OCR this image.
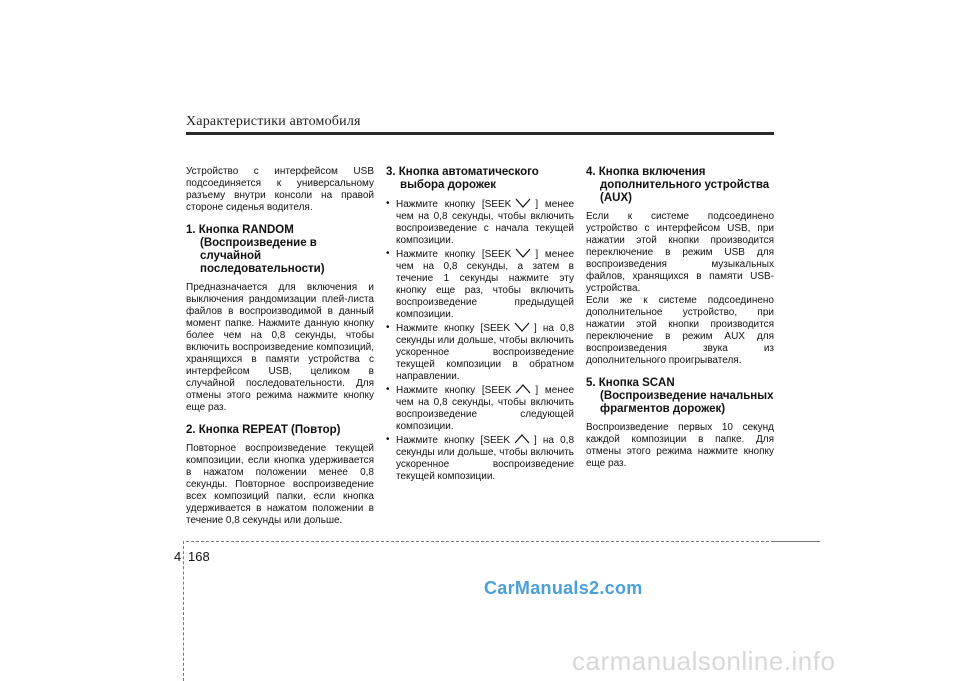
Характеристики автомобиля

Устройство с интерфейсом USB подсоединяется к универсальному разъему внутри консоли на правой стороне сиденья водителя.

1. Кнопка RANDOM (Воспроизведение в случайной последовательности)

Предназначается для включения и выключения рандомизации плей-листа файлов в воспроизводимой в данный момент папке. Нажмите данную кнопку более чем на 0,8 секунды, чтобы включить воспроизведение композиций, хранящихся в памяти устройства с интерфейсом USB, целиком в случайной последовательности. Для отмены этого режима нажмите кнопку еще раз.

2. Кнопка REPEAT (Повтор)

Повторное воспроизведение текущей композиции, если кнопка удерживается в нажатом положении менее 0,8 секунды. Повторное воспроизведение всех композиций папки, если кнопка удерживается в нажатом положении в течение 0,8 секунды или дольше.

3. Кнопка автоматического выбора дорожек
• Нажмите кнопку [SEEK ] менее чем на 0,8 секунды, чтобы включить воспроизведение с начала текущей композиции.
• Нажмите кнопку [SEEK ] менее чем на 0,8 секунды, а затем в течение 1 секунды нажмите эту кнопку еще раз, чтобы включить воспроизведение предыдущей композиции.
• Нажмите кнопку [SEEK ] на 0,8 секунды или дольше, чтобы включить ускоренное воспроизведение текущей композиции в обратном направлении.
• Нажмите кнопку [SEEK ] менее чем на 0,8 секунды, чтобы включить воспроизведение следующей композиции.
• Нажмите кнопку [SEEK ] на 0,8 секунды или дольше, чтобы включить ускоренное воспроизведение текущей композиции.
4. Кнопка включения дополнительного устройства (AUX)

Если к системе подсоединено устройство с интерфейсом USB, при нажатии этой кнопки производится переключение в режим USB для воспроизведения музыкальных файлов, хранящихся в памяти USB-устройства.

Если же к системе подсоединено дополнительное устройство, при нажатии этой кнопки производится переключение в режим AUX для воспроизведения звука из дополнительного проигрывателя.

5. Кнопка SCAN (Воспроизведение начальных фрагментов дорожек)

Воспроизведение первых 10 секунд каждой композиции в папке. Для отмены этого режима нажмите кнопку еще раз.

4 168
CarManuals2.com
carmanualsonline.info
